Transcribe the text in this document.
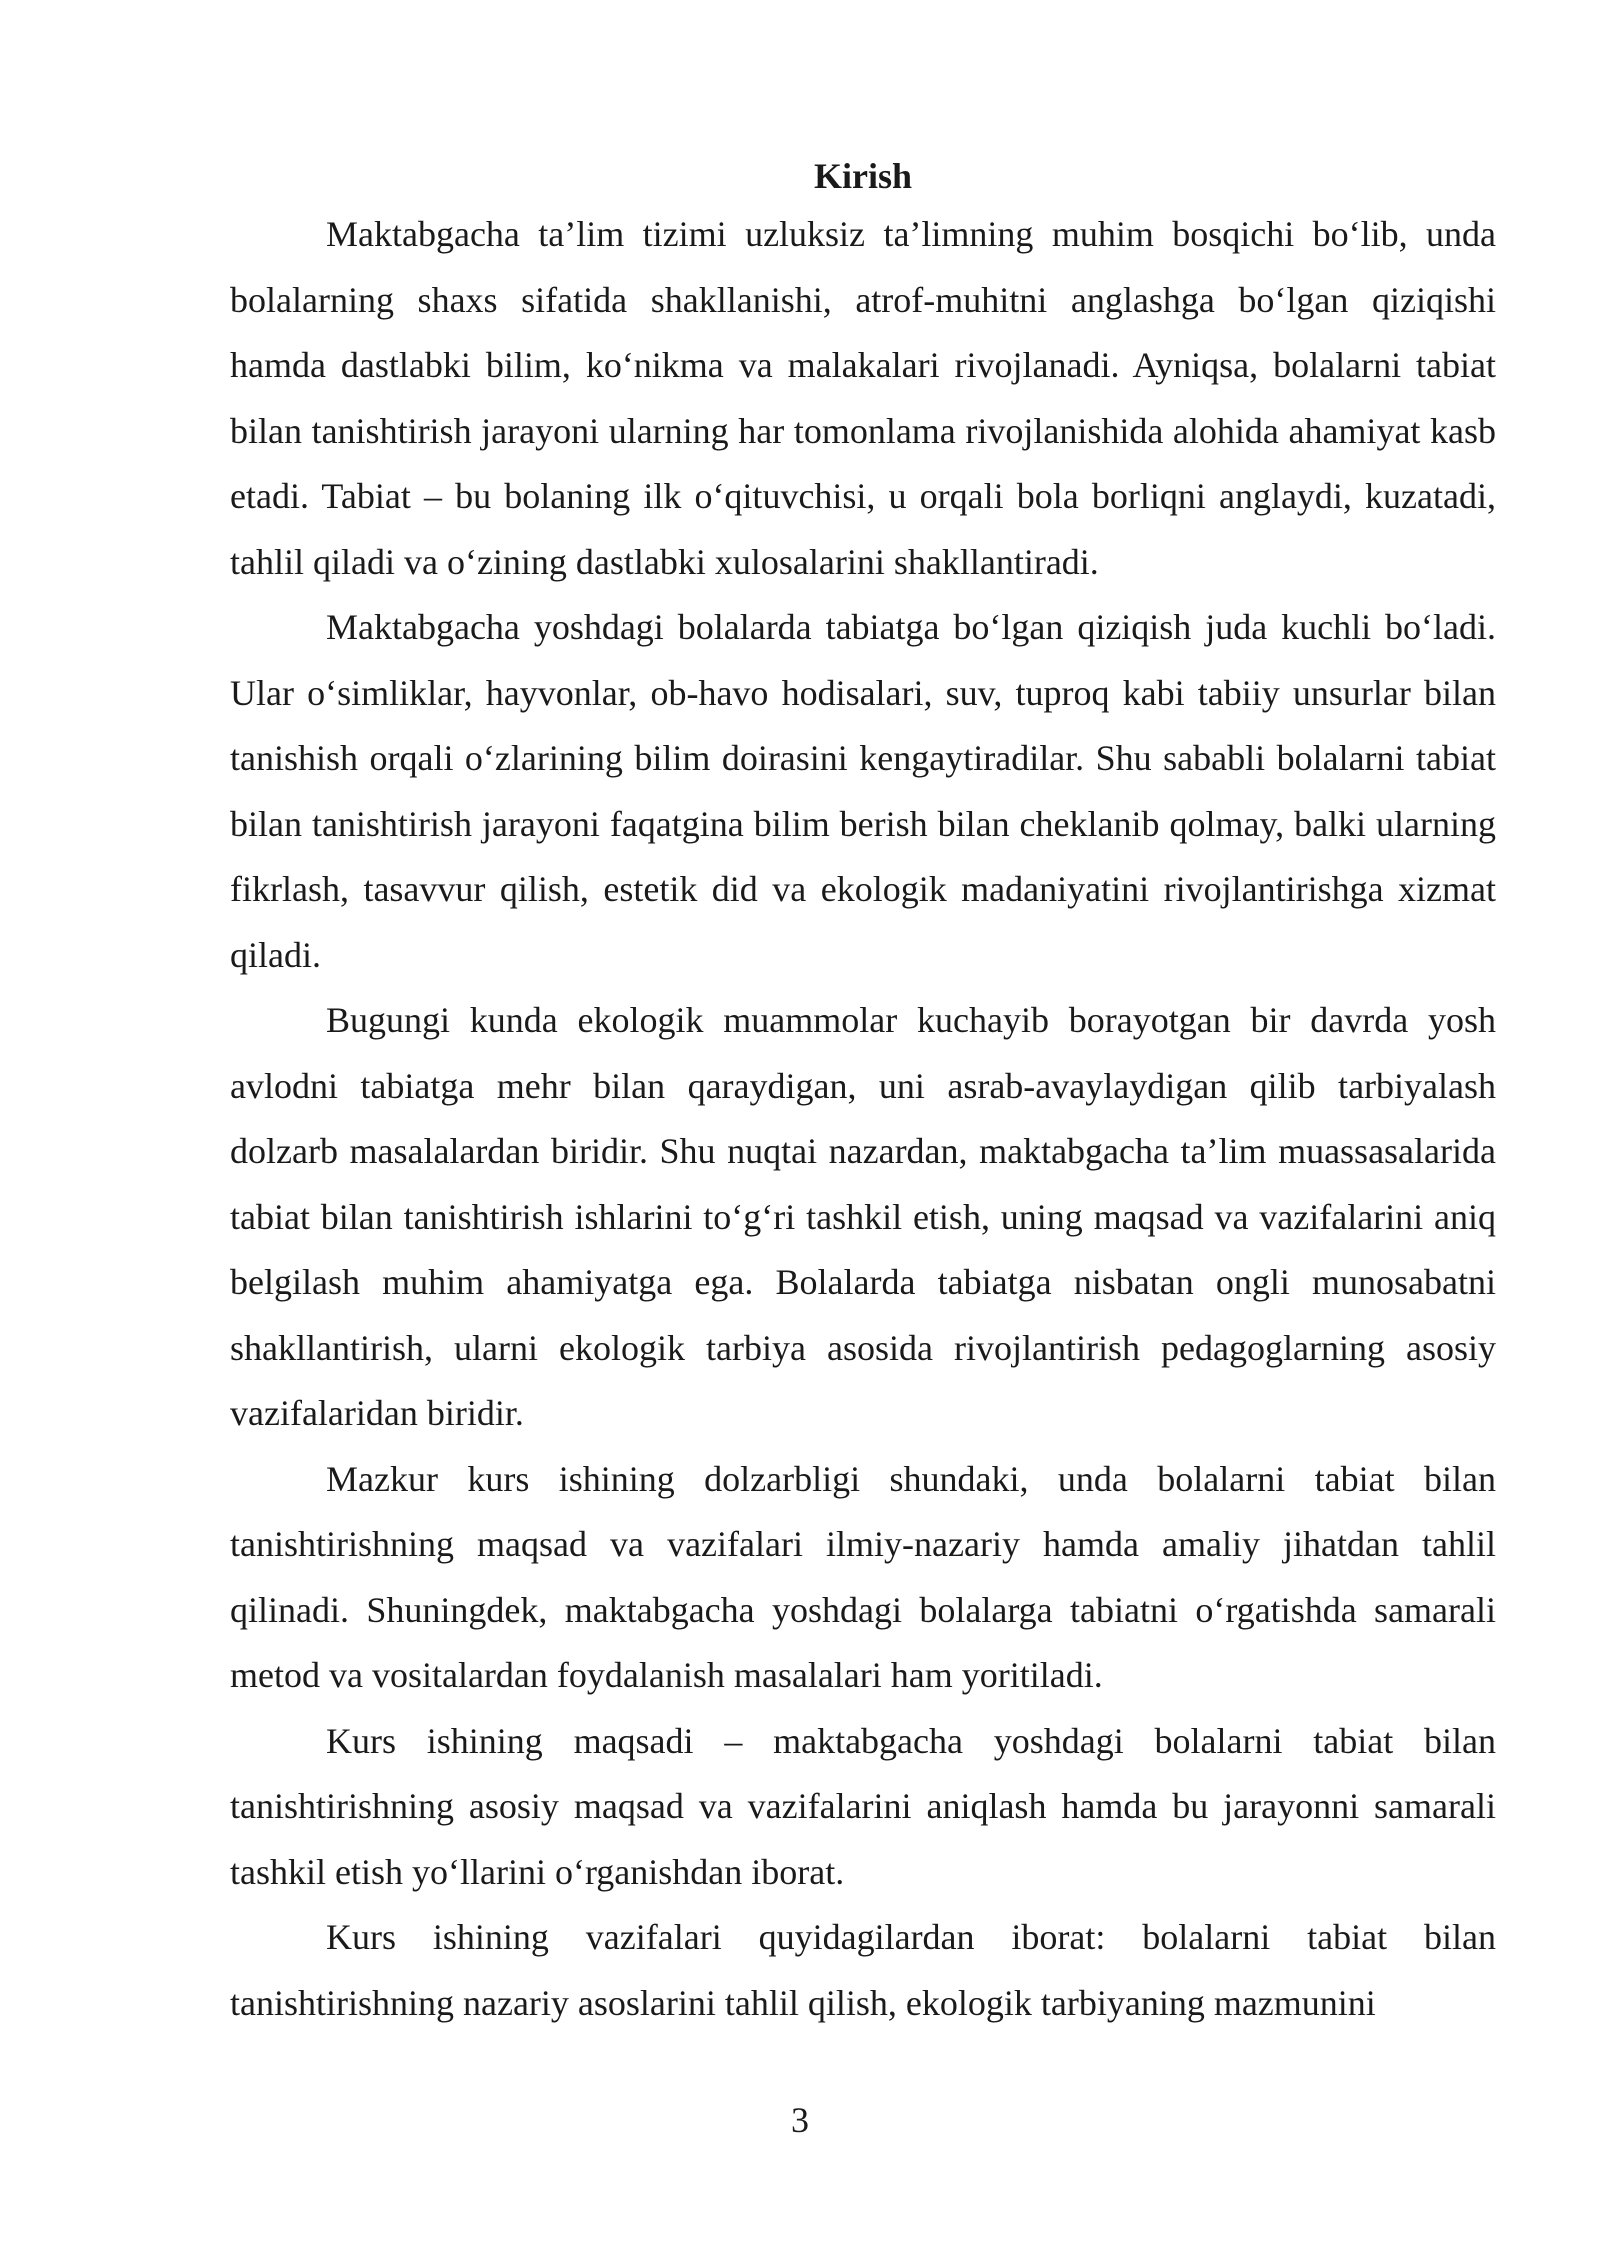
Kirish

Maktabgacha ta’lim tizimi uzluksiz ta’limning muhim bosqichi bo‘lib, unda bolalarning shaxs sifatida shakllanishi, atrof-muhitni anglashga bo‘lgan qiziqishi hamda dastlabki bilim, ko‘nikma va malakalari rivojlanadi. Ayniqsa, bolalarni tabiat bilan tanishtirish jarayoni ularning har tomonlama rivojlanishida alohida ahamiyat kasb etadi. Tabiat – bu bolaning ilk o‘qituvchisi, u orqali bola borliqni anglaydi, kuzatadi, tahlil qiladi va o‘zining dastlabki xulosalarini shakllantiradi.

Maktabgacha yoshdagi bolalarda tabiatga bo‘lgan qiziqish juda kuchli bo‘ladi. Ular o‘simliklar, hayvonlar, ob-havo hodisalari, suv, tuproq kabi tabiiy unsurlar bilan tanishish orqali o‘zlarining bilim doirasini kengaytiradilar. Shu sababli bolalarni tabiat bilan tanishtirish jarayoni faqatgina bilim berish bilan cheklanib qolmay, balki ularning fikrlash, tasavvur qilish, estetik did va ekologik madaniyatini rivojlantirishga xizmat qiladi.

Bugungi kunda ekologik muammolar kuchayib borayotgan bir davrda yosh avlodni tabiatga mehr bilan qaraydigan, uni asrab-avaylaydigan qilib tarbiyalash dolzarb masalalardan biridir. Shu nuqtai nazardan, maktabgacha ta’lim muassasalarida tabiat bilan tanishtirish ishlarini to‘g‘ri tashkil etish, uning maqsad va vazifalarini aniq belgilash muhim ahamiyatga ega. Bolalarda tabiatga nisbatan ongli munosabatni shakllantirish, ularni ekologik tarbiya asosida rivojlantirish pedagoglarning asosiy vazifalaridan biridir.

Mazkur kurs ishining dolzarbligi shundaki, unda bolalarni tabiat bilan tanishtirishning maqsad va vazifalari ilmiy-nazariy hamda amaliy jihatdan tahlil qilinadi. Shuningdek, maktabgacha yoshdagi bolalarga tabiatni o‘rgatishda samarali metod va vositalardan foydalanish masalalari ham yoritiladi.

Kurs ishining maqsadi – maktabgacha yoshdagi bolalarni tabiat bilan tanishtirishning asosiy maqsad va vazifalarini aniqlash hamda bu jarayonni samarali tashkil etish yo‘llarini o‘rganishdan iborat.

Kurs ishining vazifalari quyidagilardan iborat: bolalarni tabiat bilan tanishtirishning nazariy asoslarini tahlil qilish, ekologik tarbiyaning mazmunini

3
